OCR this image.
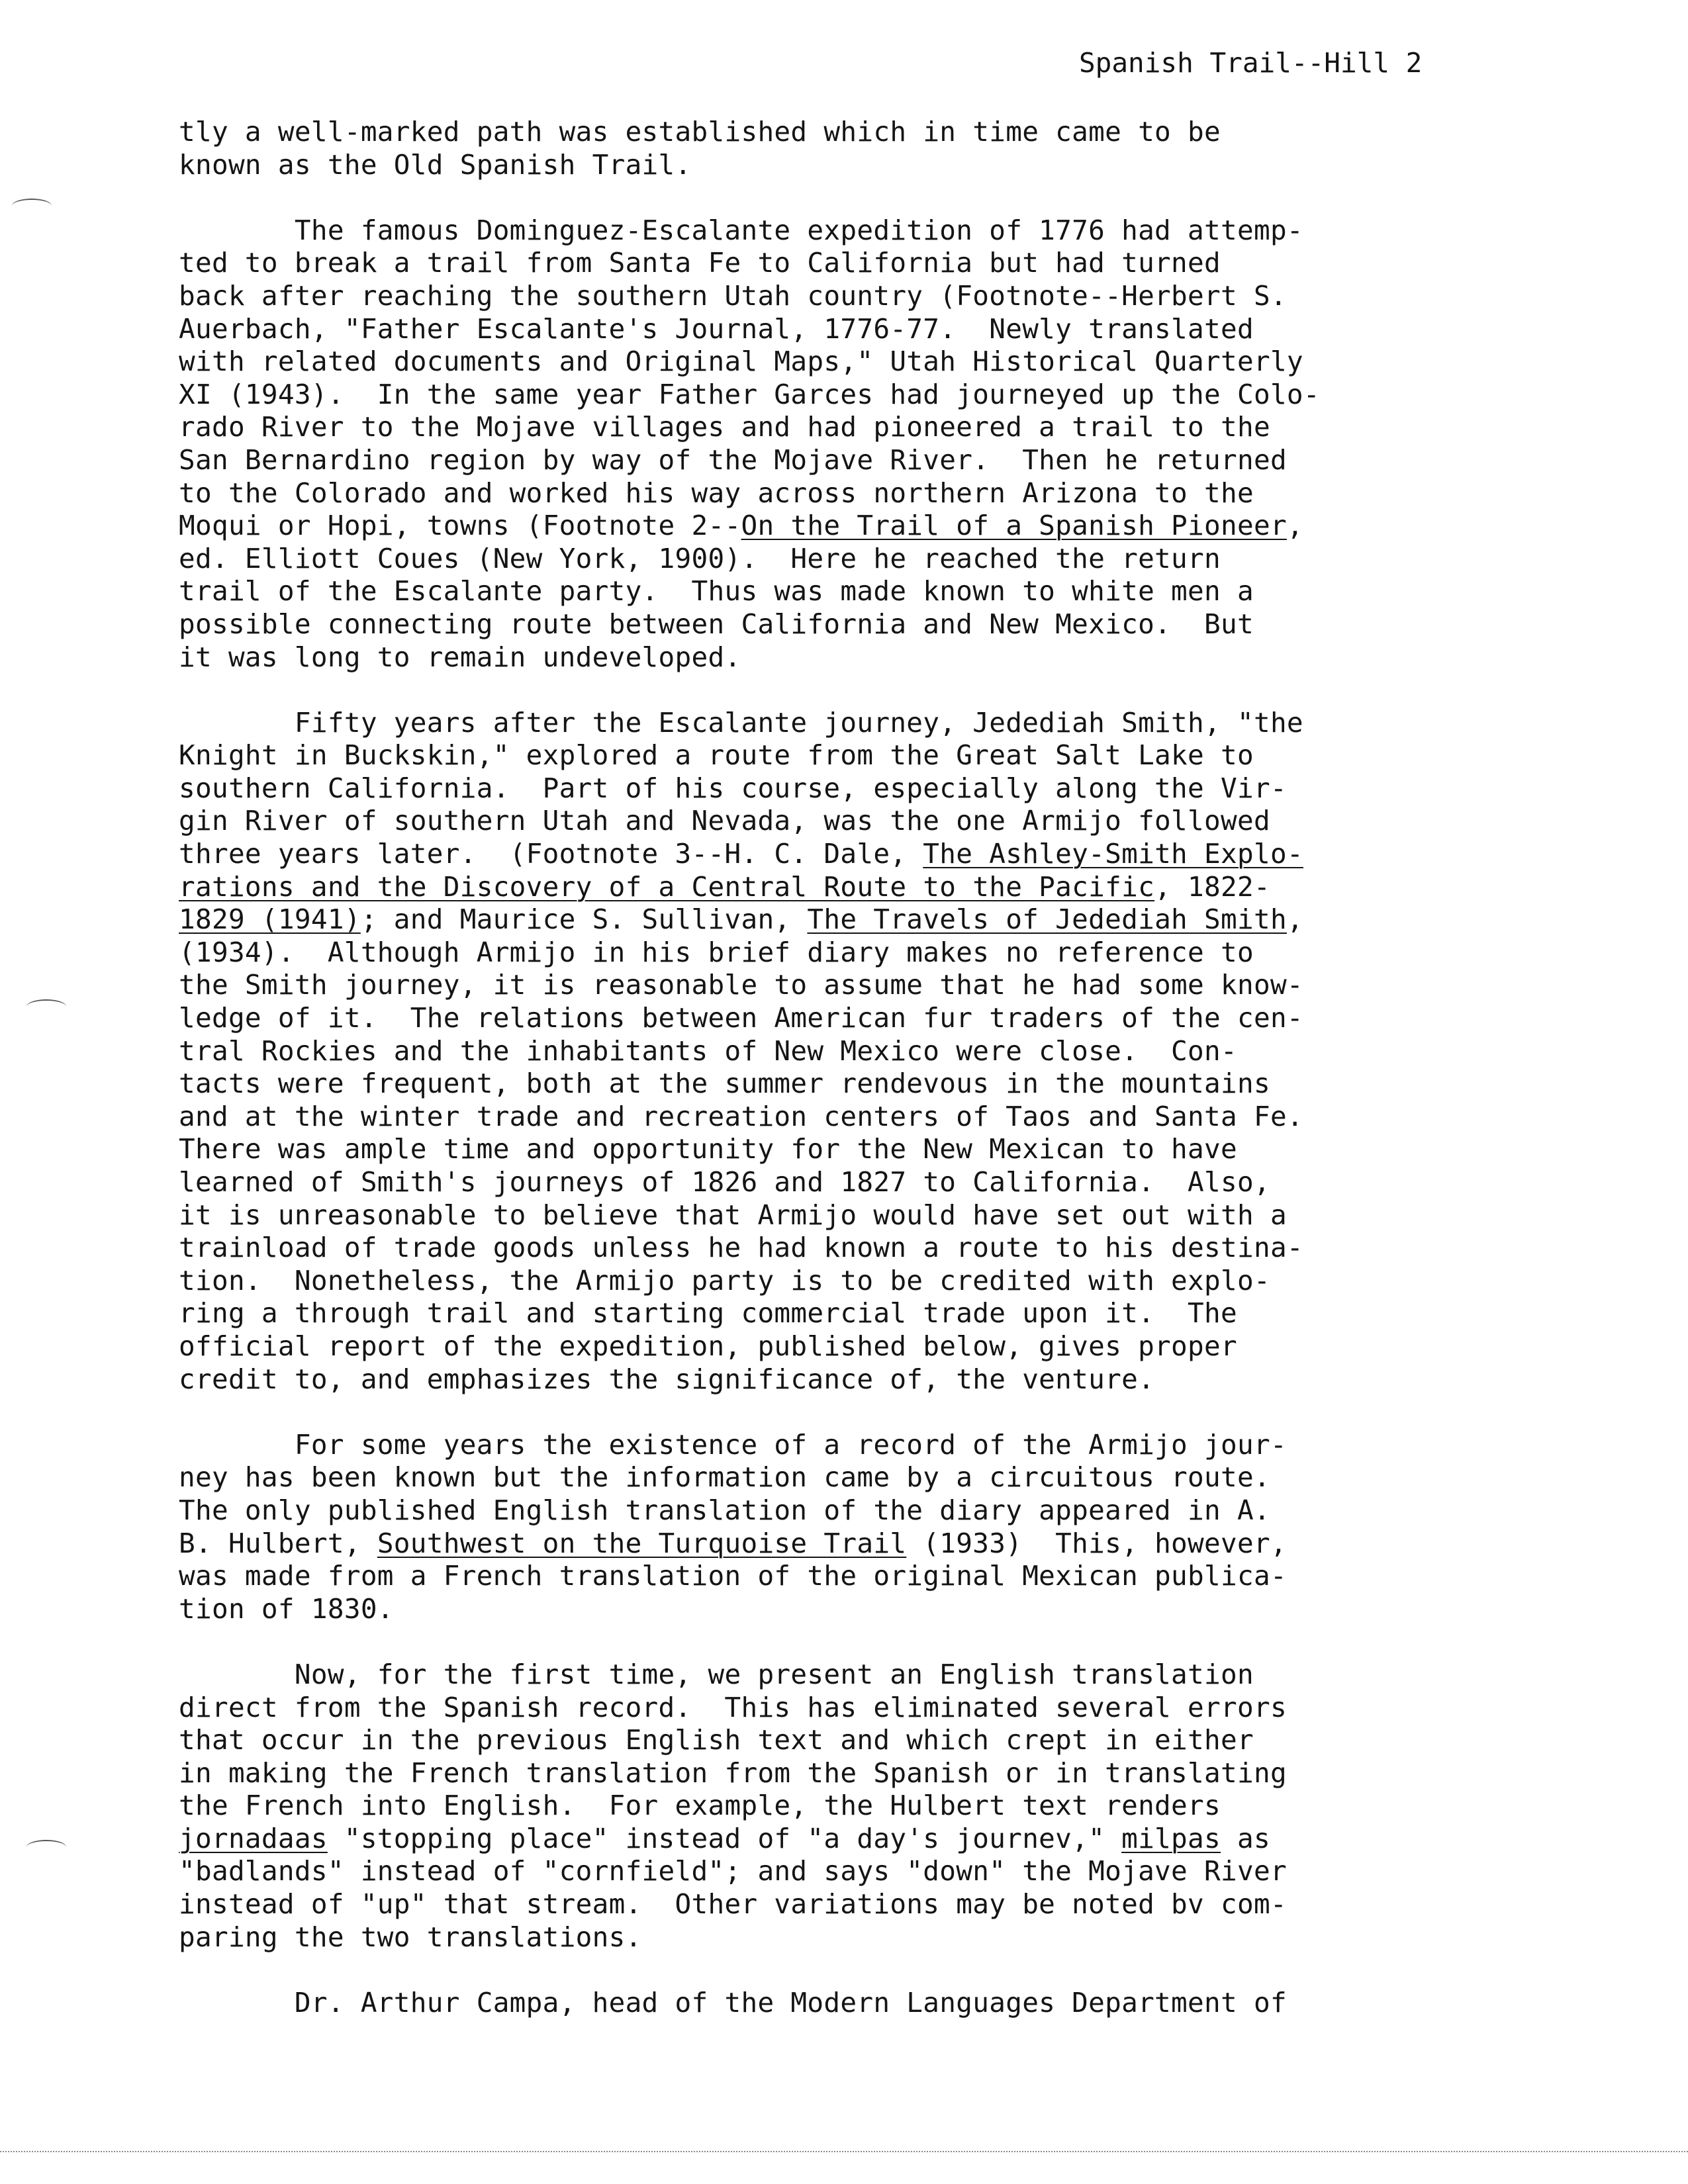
Spanish Trail--Hill 2
tly a well-marked path was established which in time came to be
known as the Old Spanish Trail.
The famous Dominguez-Escalante expedition of 1776 had attemp-
ted to break a trail from Santa Fe to California but had turned
back after reaching the southern Utah country (Footnote--Herbert S.
Auerbach, "Father Escalante's Journal, 1776-77.  Newly translated
with related documents and Original Maps," Utah Historical Quarterly
XI (1943).  In the same year Father Garces had journeyed up the Colo-
rado River to the Mojave villages and had pioneered a trail to the
San Bernardino region by way of the Mojave River.  Then he returned
to the Colorado and worked his way across northern Arizona to the
Moqui or Hopi, towns (Footnote 2--On the Trail of a Spanish Pioneer,
ed. Elliott Coues (New York, 1900).  Here he reached the return
trail of the Escalante party.  Thus was made known to white men a
possible connecting route between California and New Mexico.  But
it was long to remain undeveloped.
Fifty years after the Escalante journey, Jedediah Smith, "the
Knight in Buckskin," explored a route from the Great Salt Lake to
southern California.  Part of his course, especially along the Vir-
gin River of southern Utah and Nevada, was the one Armijo followed
three years later.  (Footnote 3--H. C. Dale, The Ashley-Smith Explo-
rations and the Discovery of a Central Route to the Pacific, 1822-
1829 (1941); and Maurice S. Sullivan, The Travels of Jedediah Smith,
(1934).  Although Armijo in his brief diary makes no reference to
the Smith journey, it is reasonable to assume that he had some know-
ledge of it.  The relations between American fur traders of the cen-
tral Rockies and the inhabitants of New Mexico were close.  Con-
tacts were frequent, both at the summer rendevous in the mountains
and at the winter trade and recreation centers of Taos and Santa Fe.
There was ample time and opportunity for the New Mexican to have
learned of Smith's journeys of 1826 and 1827 to California.  Also,
it is unreasonable to believe that Armijo would have set out with a
trainload of trade goods unless he had known a route to his destina-
tion.  Nonetheless, the Armijo party is to be credited with explo-
ring a through trail and starting commercial trade upon it.  The
official report of the expedition, published below, gives proper
credit to, and emphasizes the significance of, the venture.
For some years the existence of a record of the Armijo jour-
ney has been known but the information came by a circuitous route.
The only published English translation of the diary appeared in A.
B. Hulbert, Southwest on the Turquoise Trail (1933)  This, however,
was made from a French translation of the original Mexican publica-
tion of 1830.
Now, for the first time, we present an English translation
direct from the Spanish record.  This has eliminated several errors
that occur in the previous English text and which crept in either
in making the French translation from the Spanish or in translating
the French into English.  For example, the Hulbert text renders
jornadaas "stopping place" instead of "a day's journev," milpas as
"badlands" instead of "cornfield"; and says "down" the Mojave River
instead of "up" that stream.  Other variations may be noted bv com-
paring the two translations.
Dr. Arthur Campa, head of the Modern Languages Department of
